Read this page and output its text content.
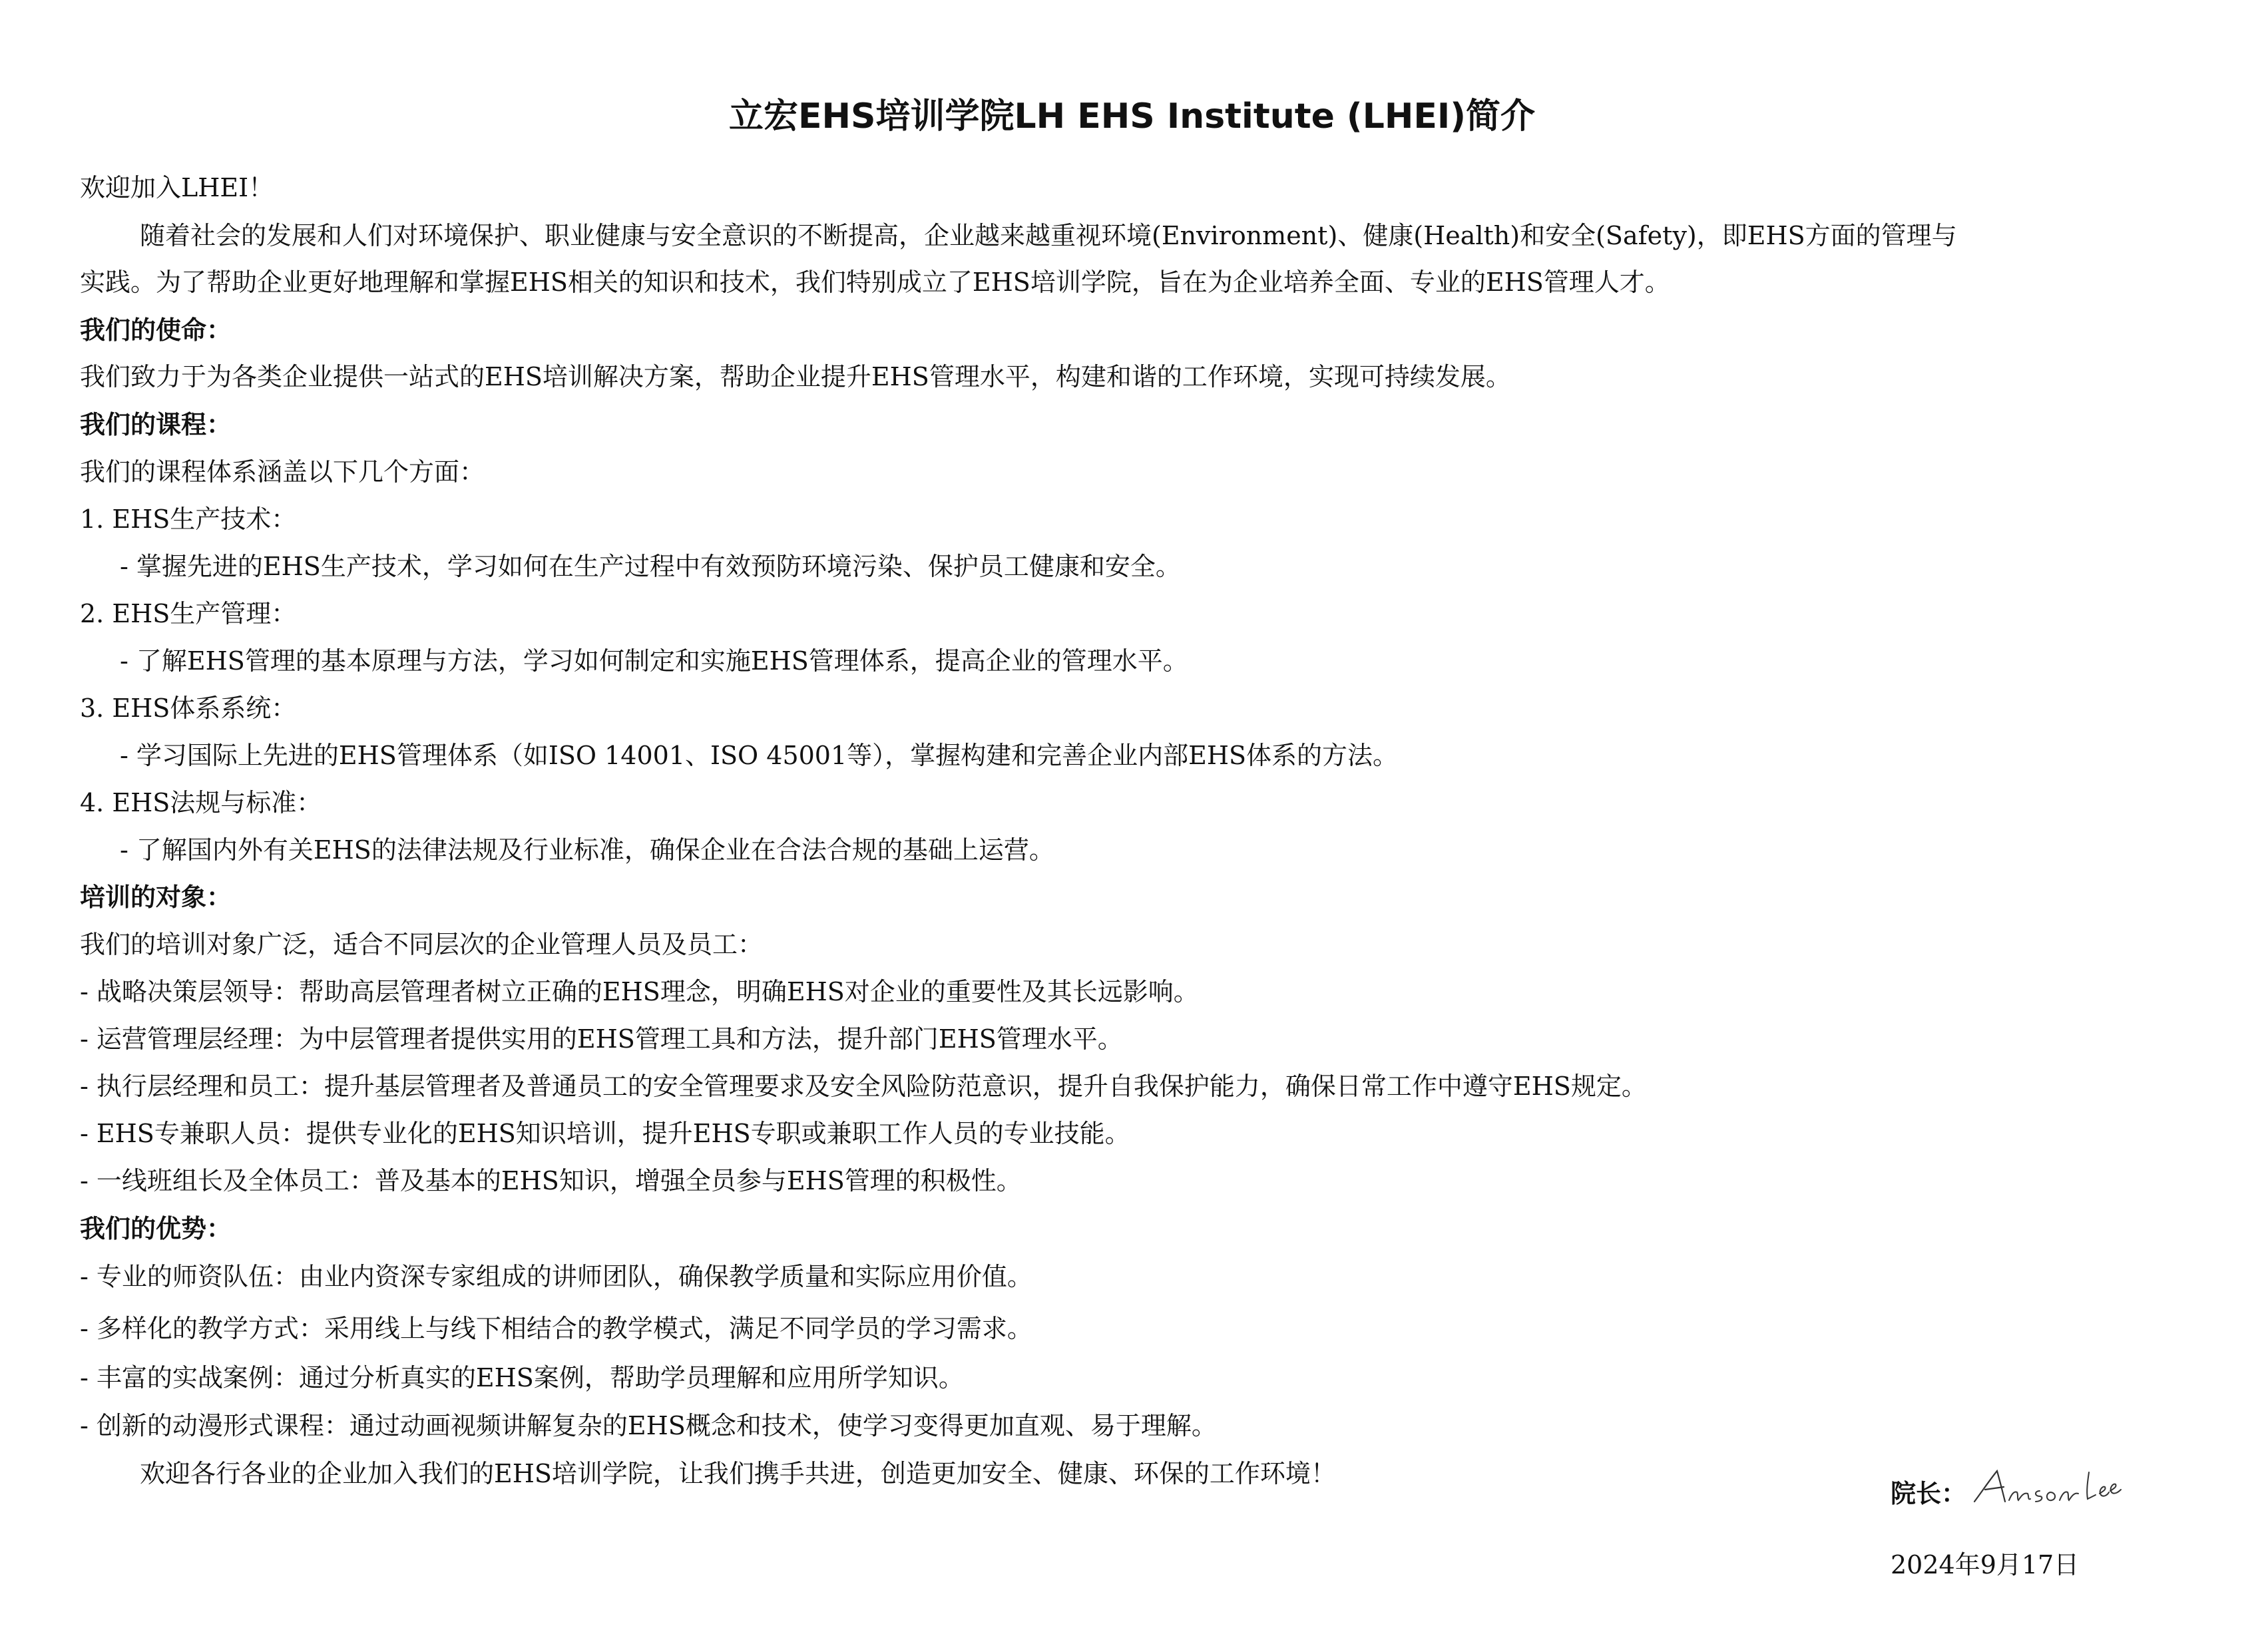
立宏EHS培训学院LH EHS Institute (LHEI)简介
欢迎加入LHEI！
随着社会的发展和人们对环境保护、职业健康与安全意识的不断提高，企业越来越重视环境(Environment)、健康(Health)和安全(Safety)，即EHS方面的管理与
实践。为了帮助企业更好地理解和掌握EHS相关的知识和技术，我们特别成立了EHS培训学院，旨在为企业培养全面、专业的EHS管理人才。
我们的使命：
我们致力于为各类企业提供一站式的EHS培训解决方案，帮助企业提升EHS管理水平，构建和谐的工作环境，实现可持续发展。
我们的课程：
我们的课程体系涵盖以下几个方面：
1. EHS生产技术：
- 掌握先进的EHS生产技术，学习如何在生产过程中有效预防环境污染、保护员工健康和安全。
2. EHS生产管理：
- 了解EHS管理的基本原理与方法，学习如何制定和实施EHS管理体系，提高企业的管理水平。
3. EHS体系系统：
- 学习国际上先进的EHS管理体系（如ISO 14001、ISO 45001等），掌握构建和完善企业内部EHS体系的方法。
4. EHS法规与标准：
- 了解国内外有关EHS的法律法规及行业标准，确保企业在合法合规的基础上运营。
培训的对象：
我们的培训对象广泛，适合不同层次的企业管理人员及员工：
- 战略决策层领导：帮助高层管理者树立正确的EHS理念，明确EHS对企业的重要性及其长远影响。
- 运营管理层经理：为中层管理者提供实用的EHS管理工具和方法，提升部门EHS管理水平。
- 执行层经理和员工：提升基层管理者及普通员工的安全管理要求及安全风险防范意识，提升自我保护能力，确保日常工作中遵守EHS规定。
- EHS专兼职人员：提供专业化的EHS知识培训，提升EHS专职或兼职工作人员的专业技能。
- 一线班组长及全体员工：普及基本的EHS知识，增强全员参与EHS管理的积极性。
我们的优势：
- 专业的师资队伍：由业内资深专家组成的讲师团队，确保教学质量和实际应用价值。
- 多样化的教学方式：采用线上与线下相结合的教学模式，满足不同学员的学习需求。
- 丰富的实战案例：通过分析真实的EHS案例，帮助学员理解和应用所学知识。
- 创新的动漫形式课程：通过动画视频讲解复杂的EHS概念和技术，使学习变得更加直观、易于理解。
欢迎各行各业的企业加入我们的EHS培训学院，让我们携手共进，创造更加安全、健康、环保的工作环境！
院长：
2024年9月17日
